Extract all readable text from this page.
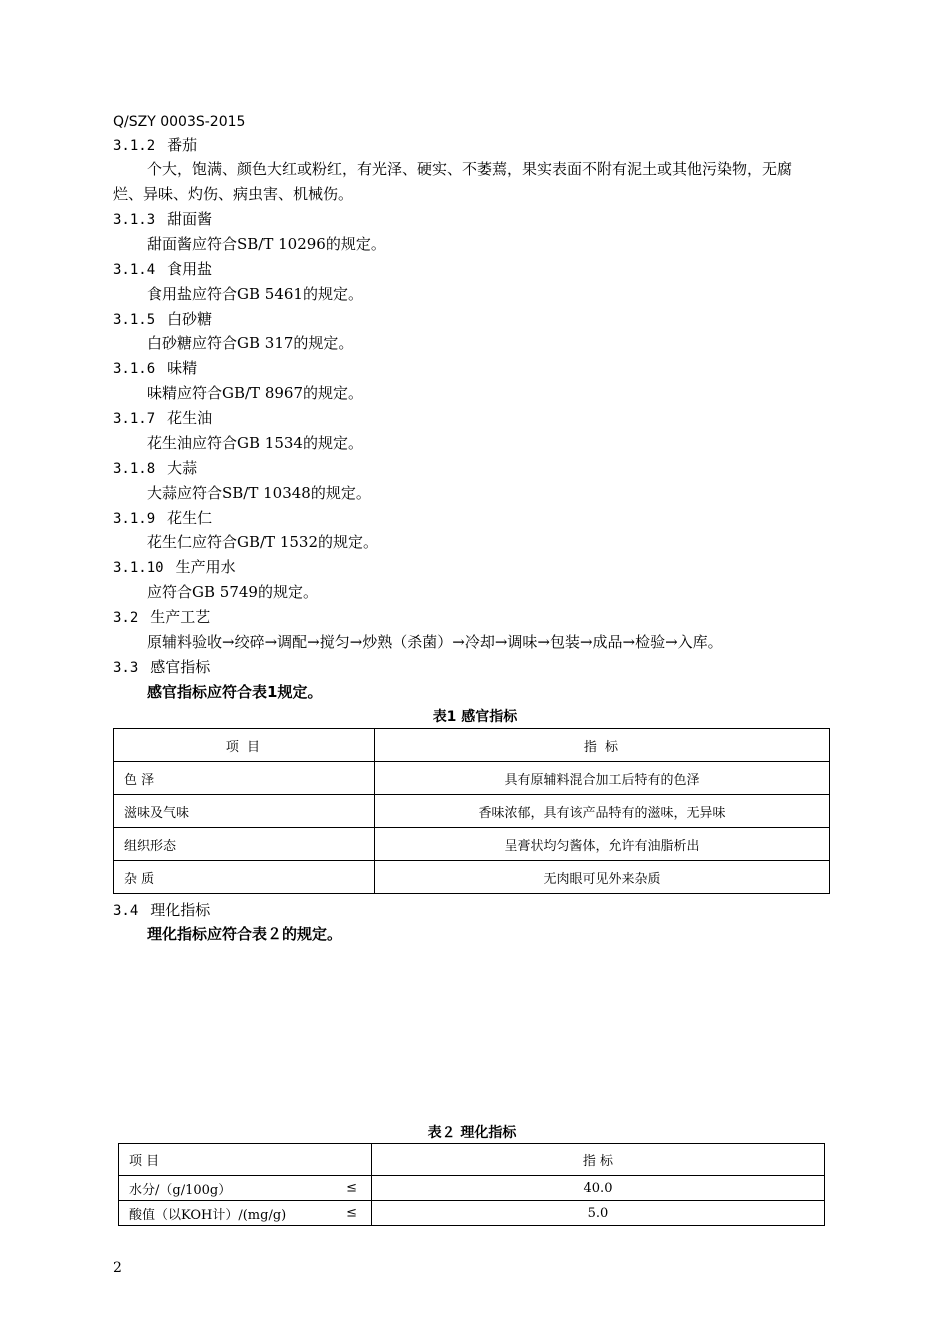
Q/SZY 0003S-2015
3.1.2 番茄
个大，饱满、颜色大红或粉红，有光泽、硬实、不萎蔫，果实表面不附有泥土或其他污染物，无腐
烂、异味、灼伤、病虫害、机械伤。
3.1.3 甜面酱
甜面酱应符合SB/T 10296的规定。
3.1.4 食用盐
食用盐应符合GB 5461的规定。
3.1.5 白砂糖
白砂糖应符合GB 317的规定。
3.1.6 味精
味精应符合GB/T 8967的规定。
3.1.7 花生油
花生油应符合GB 1534的规定。
3.1.8 大蒜
大蒜应符合SB/T 10348的规定。
3.1.9 花生仁
花生仁应符合GB/T 1532的规定。
3.1.10 生产用水
应符合GB 5749的规定。
3.2 生产工艺
原辅料验收→绞碎→调配→搅匀→炒熟（杀菌）→冷却→调味→包装→成品→检验→入库。
3.3 感官指标
感官指标应符合表1规定。
表1 感官指标
项 目	指 标
色 泽	具有原辅料混合加工后特有的色泽
滋味及气味	香味浓郁，具有该产品特有的滋味，无异味
组织形态	呈膏状均匀酱体，允许有油脂析出
杂 质	无肉眼可见外来杂质
3.4 理化指标
理化指标应符合表２的规定。
表２ 理化指标
项 目	指 标
水分/（g/100g） ≤	40.0
酸值（以KOH计）/(mg/g) ≤	5.0
2
